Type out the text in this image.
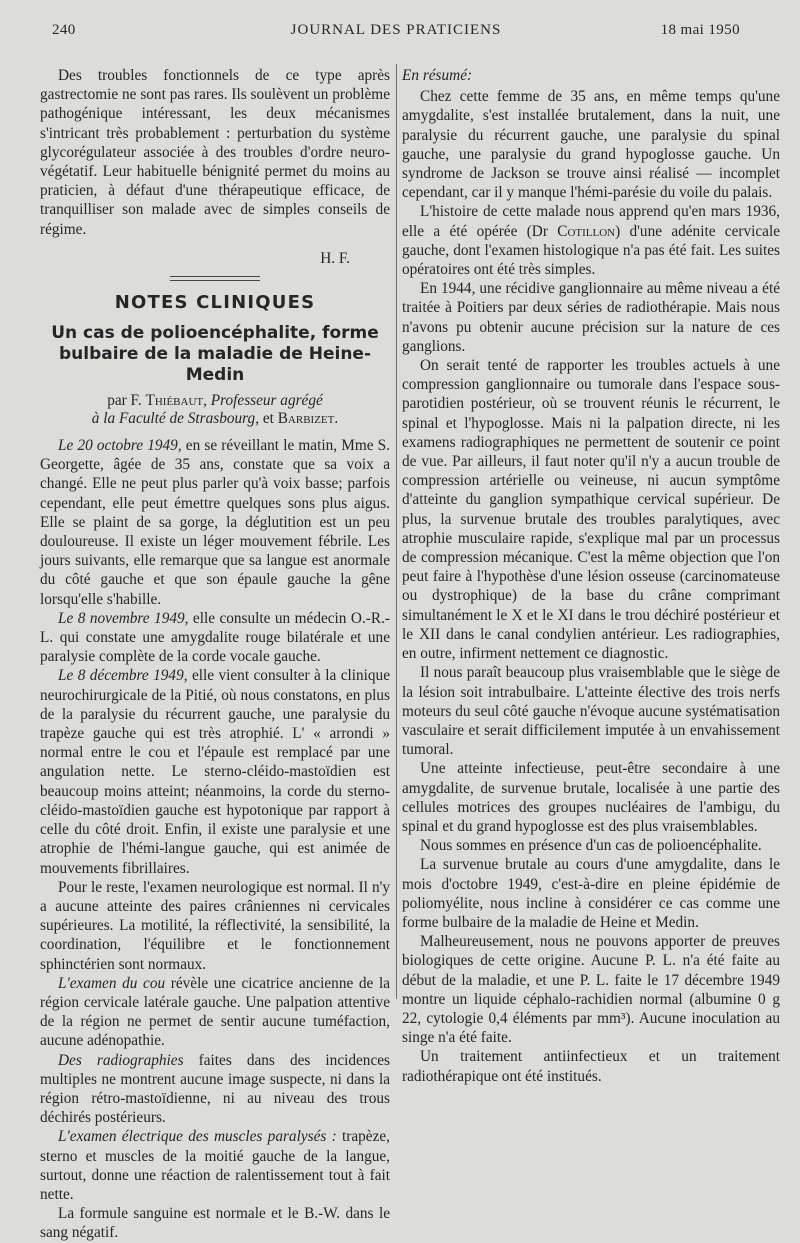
240	JOURNAL DES PRATICIENS	18 mai 1950

Des troubles fonctionnels de ce type après gastrectomie ne sont pas rares. Ils soulèvent un problème pathogénique intéressant, les deux mécanismes s'intricant très probablement : perturbation du système glycorégulateur associée à des troubles d'ordre neuro-végétatif. Leur habituelle bénignité permet du moins au praticien, à défaut d'une thérapeutique efficace, de tranquilliser son malade avec de simples conseils de régime.

H. F.

NOTES CLINIQUES

Un cas de polioencéphalite, forme bulbaire de la maladie de Heine-Medin

par F. Thiébaut, Professeur agrégé
à la Faculté de Strasbourg, et Barbizet.

Le 20 octobre 1949, en se réveillant le matin, Mme S. Georgette, âgée de 35 ans, constate que sa voix a changé. Elle ne peut plus parler qu'à voix basse; parfois cependant, elle peut émettre quelques sons plus aigus. Elle se plaint de sa gorge, la déglutition est un peu douloureuse. Il existe un léger mouvement fébrile. Les jours suivants, elle remarque que sa langue est anormale du côté gauche et que son épaule gauche la gêne lorsqu'elle s'habille.

Le 8 novembre 1949, elle consulte un médecin O.-R.-L. qui constate une amygdalite rouge bilatérale et une paralysie complète de la corde vocale gauche.

Le 8 décembre 1949, elle vient consulter à la clinique neurochirurgicale de la Pitié, où nous constatons, en plus de la paralysie du récurrent gauche, une paralysie du trapèze gauche qui est très atrophié. L' « arrondi » normal entre le cou et l'épaule est remplacé par une angulation nette. Le sterno-cléido-mastoïdien est beaucoup moins atteint; néanmoins, la corde du sterno-cléido-mastoïdien gauche est hypotonique par rapport à celle du côté droit. Enfin, il existe une paralysie et une atrophie de l'hémi-langue gauche, qui est animée de mouvements fibrillaires.

Pour le reste, l'examen neurologique est normal. Il n'y a aucune atteinte des paires crâniennes ni cervicales supérieures. La motilité, la réflectivité, la sensibilité, la coordination, l'équilibre et le fonctionnement sphinctérien sont normaux.

L'examen du cou révèle une cicatrice ancienne de la région cervicale latérale gauche. Une palpation attentive de la région ne permet de sentir aucune tuméfaction, aucune adénopathie.

Des radiographies faites dans des incidences multiples ne montrent aucune image suspecte, ni dans la région rétro-mastoïdienne, ni au niveau des trous déchirés postérieurs.

L'examen électrique des muscles paralysés : trapèze, sterno et muscles de la moitié gauche de la langue, surtout, donne une réaction de ralentissement tout à fait nette.

La formule sanguine est normale et le B.-W. dans le sang négatif.

En résumé:

Chez cette femme de 35 ans, en même temps qu'une amygdalite, s'est installée brutalement, dans la nuit, une paralysie du récurrent gauche, une paralysie du spinal gauche, une paralysie du grand hypoglosse gauche. Un syndrome de Jackson se trouve ainsi réalisé — incomplet cependant, car il y manque l'hémi-parésie du voile du palais.

L'histoire de cette malade nous apprend qu'en mars 1936, elle a été opérée (Dr Cotillon) d'une adénite cervicale gauche, dont l'examen histologique n'a pas été fait. Les suites opératoires ont été très simples.

En 1944, une récidive ganglionnaire au même niveau a été traitée à Poitiers par deux séries de radiothérapie. Mais nous n'avons pu obtenir aucune précision sur la nature de ces ganglions.

On serait tenté de rapporter les troubles actuels à une compression ganglionnaire ou tumorale dans l'espace sous-parotidien postérieur, où se trouvent réunis le récurrent, le spinal et l'hypoglosse. Mais ni la palpation directe, ni les examens radiographiques ne permettent de soutenir ce point de vue. Par ailleurs, il faut noter qu'il n'y a aucun trouble de compression artérielle ou veineuse, ni aucun symptôme d'atteinte du ganglion sympathique cervical supérieur. De plus, la survenue brutale des troubles paralytiques, avec atrophie musculaire rapide, s'explique mal par un processus de compression mécanique. C'est la même objection que l'on peut faire à l'hypothèse d'une lésion osseuse (carcinomateuse ou dystrophique) de la base du crâne comprimant simultanément le X et le XI dans le trou déchiré postérieur et le XII dans le canal condylien antérieur. Les radiographies, en outre, infirment nettement ce diagnostic.

Il nous paraît beaucoup plus vraisemblable que le siège de la lésion soit intrabulbaire. L'atteinte élective des trois nerfs moteurs du seul côté gauche n'évoque aucune systématisation vasculaire et serait difficilement imputée à un envahissement tumoral.

Une atteinte infectieuse, peut-être secondaire à une amygdalite, de survenue brutale, localisée à une partie des cellules motrices des groupes nucléaires de l'ambigu, du spinal et du grand hypoglosse est des plus vraisemblables.

Nous sommes en présence d'un cas de polioencéphalite.

La survenue brutale au cours d'une amygdalite, dans le mois d'octobre 1949, c'est-à-dire en pleine épidémie de poliomyélite, nous incline à considérer ce cas comme une forme bulbaire de la maladie de Heine et Medin.

Malheureusement, nous ne pouvons apporter de preuves biologiques de cette origine. Aucune P. L. n'a été faite au début de la maladie, et une P. L. faite le 17 décembre 1949 montre un liquide céphalo-rachidien normal (albumine 0 g 22, cytologie 0,4 éléments par mm³). Aucune inoculation au singe n'a été faite.

Un traitement antiinfectieux et un traitement radiothérapique ont été institués.
